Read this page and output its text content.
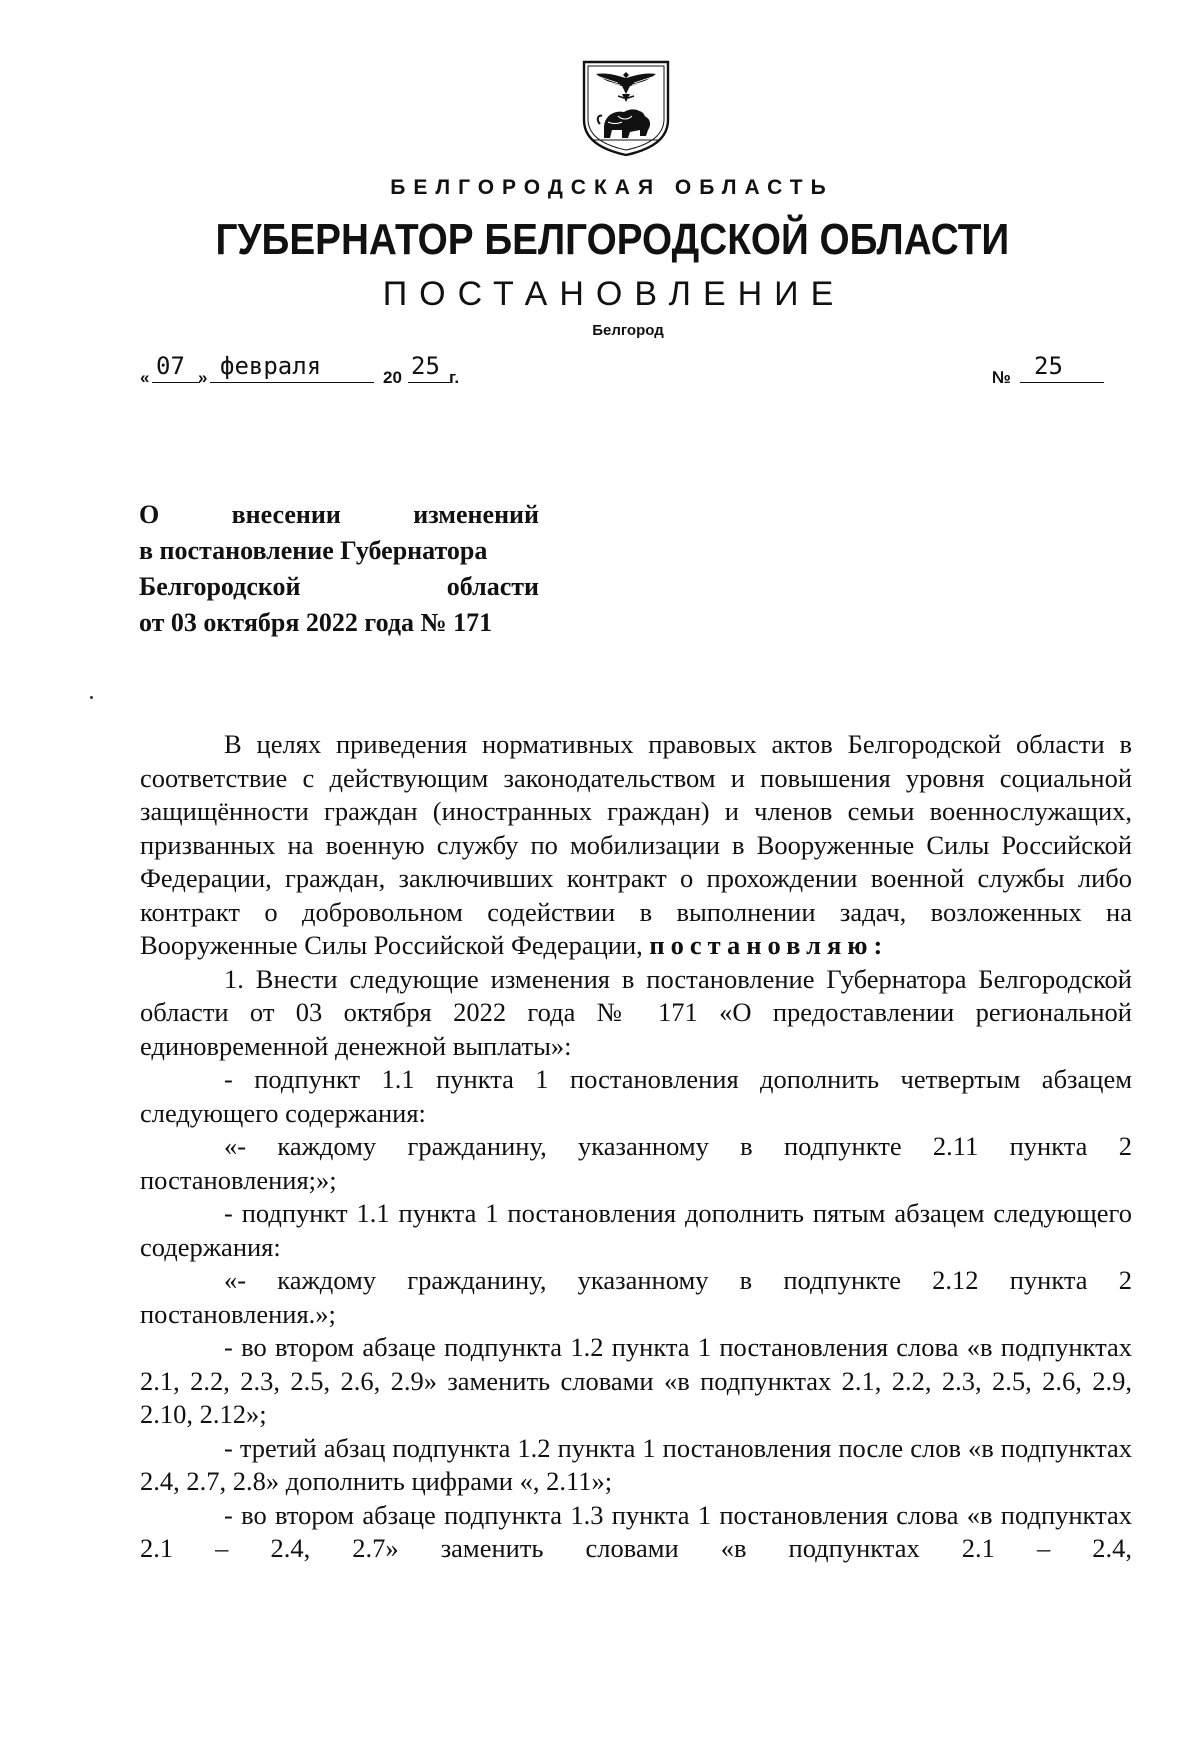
БЕЛГОРОДСКАЯ ОБЛАСТЬ
ГУБЕРНАТОР БЕЛГОРОДСКОЙ ОБЛАСТИ
ПОСТАНОВЛЕНИЕ
Белгород
« 07 » февраля	20 25 г.	№ 25
О	внесении	изменений
в постановление Губернатора
Белгородской	области
от 03 октября 2022 года № 171

В целях приведения нормативных правовых актов Белгородской области в соответствие с действующим законодательством и повышения уровня социальной защищённости граждан (иностранных граждан) и членов семьи военнослужащих, призванных на военную службу по мобилизации в Вооруженные Силы Российской Федерации, граждан, заключивших контракт о прохождении военной службы либо контракт о добровольном содействии в выполнении задач, возложенных на Вооруженные Силы Российской Федерации, постановляю:

1. Внести следующие изменения в постановление Губернатора Белгородской области от 03 октября 2022 года № 171 «О предоставлении региональной единовременной денежной выплаты»:

- подпункт 1.1 пункта 1 постановления дополнить четвертым абзацем следующего содержания:

«- каждому гражданину, указанному в подпункте 2.11 пункта 2 постановления;»;

- подпункт 1.1 пункта 1 постановления дополнить пятым абзацем следующего содержания:

«- каждому гражданину, указанному в подпункте 2.12 пункта 2 постановления.»;

- во втором абзаце подпункта 1.2 пункта 1 постановления слова «в подпунктах 2.1, 2.2, 2.3, 2.5, 2.6, 2.9» заменить словами «в подпунктах 2.1, 2.2, 2.3, 2.5, 2.6, 2.9, 2.10, 2.12»;

- третий абзац подпункта 1.2 пункта 1 постановления после слов «в подпунктах 2.4, 2.7, 2.8» дополнить цифрами «, 2.11»;

- во втором абзаце подпункта 1.3 пункта 1 постановления слова «в подпунктах 2.1 – 2.4, 2.7» заменить словами «в подпунктах 2.1 – 2.4,
